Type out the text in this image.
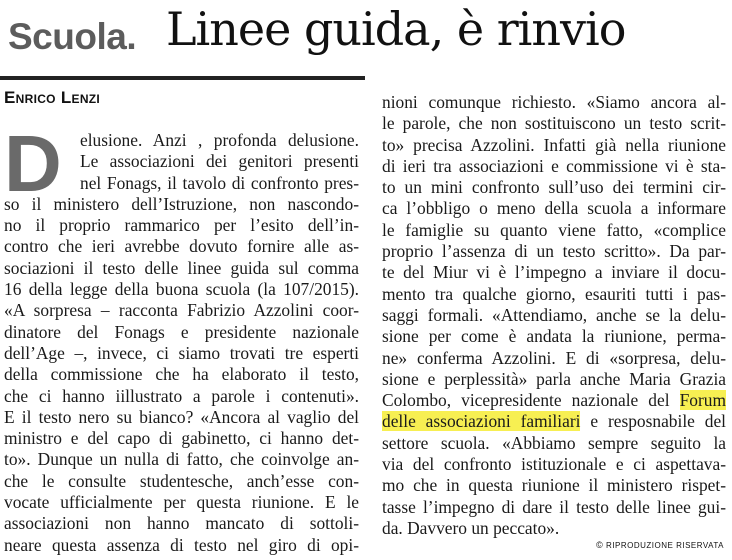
Scuola. Linee guida, è rinvio
Enrico Lenzi
D	elusione. Anzi , profonda delusione.
Le associazioni dei genitori presenti
nel Fonags, il tavolo di confronto pres-
so il ministero dell’Istruzione, non nascondo-
no il proprio rammarico per l’esito dell’in-
contro che ieri avrebbe dovuto fornire alle as-
sociazioni il testo delle linee guida sul comma
16 della legge della buona scuola (la 107/2015).
«A sorpresa – racconta Fabrizio Azzolini coor-
dinatore del Fonags e presidente nazionale
dell’Age –, invece, ci siamo trovati tre esperti
della commissione che ha elaborato il testo,
che ci hanno iillustrato a parole i contenuti».
E il testo nero su bianco? «Ancora al vaglio del
ministro e del capo di gabinetto, ci hanno det-
to». Dunque un nulla di fatto, che coinvolge an-
che le consulte studentesche, anch’esse con-
vocate ufficialmente per questa riunione. E le
associazioni non hanno mancato di sottoli-
neare questa assenza di testo nel giro di opi-
nioni comunque richiesto. «Siamo ancora al-
le parole, che non sostituiscono un testo scrit-
to» precisa Azzolini. Infatti già nella riunione
di ieri tra associazioni e commissione vi è sta-
to un mini confronto sull’uso dei termini cir-
ca l’obbligo o meno della scuola a informare
le famiglie su quanto viene fatto, «complice
proprio l’assenza di un testo scritto». Da par-
te del Miur vi è l’impegno a inviare il docu-
mento tra qualche giorno, esauriti tutti i pas-
saggi formali. «Attendiamo, anche se la delu-
sione per come è andata la riunione, perma-
ne» conferma Azzolini. E di «sorpresa, delu-
sione e perplessità» parla anche Maria Grazia
Colombo, vicepresidente nazionale del Forum
delle associazioni familiari e resposnabile del
settore scuola. «Abbiamo sempre seguito la
via del confronto istituzionale e ci aspettava-
mo che in questa riunione il ministero rispet-
tasse l’impegno di dare il testo delle linee gui-
da. Davvero un peccato».
© RIPRODUZIONE RISERVATA
